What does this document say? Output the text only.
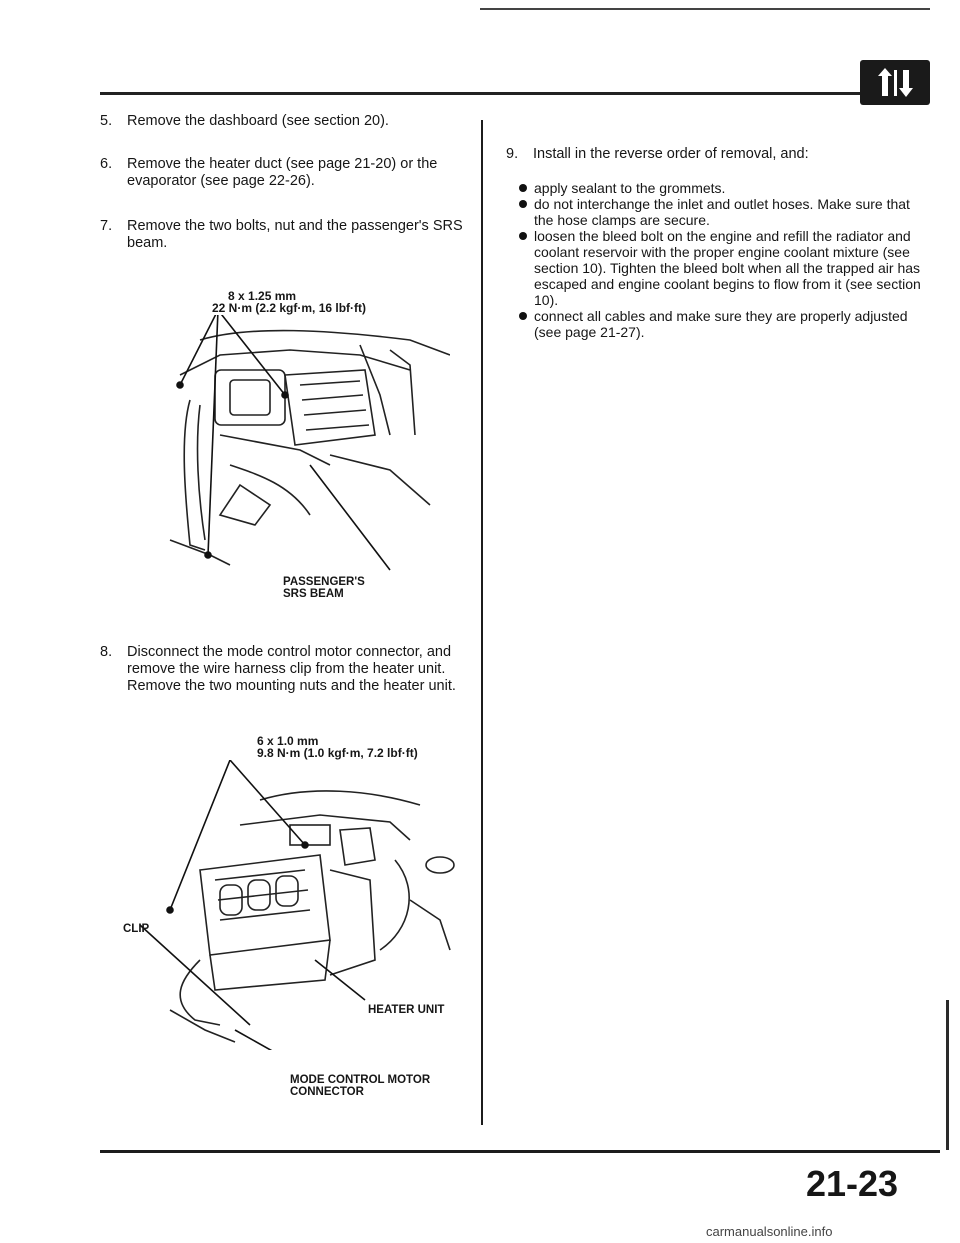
5. Remove the dashboard (see section 20).
6. Remove the heater duct (see page 21-20) or the evaporator (see page 22-26).
7. Remove the two bolts, nut and the passenger's SRS beam.
8 x 1.25 mm
22 N·m (2.2 kgf·m, 16 lbf·ft)
PASSENGER'S
SRS BEAM
8. Disconnect the mode control motor connector, and remove the wire harness clip from the heater unit. Remove the two mounting nuts and the heater unit.
6 x 1.0 mm
9.8 N·m (1.0 kgf·m, 7.2 lbf·ft)
CLIP
HEATER UNIT
MODE CONTROL MOTOR
CONNECTOR
9. Install in the reverse order of removal, and:
apply sealant to the grommets.
do not interchange the inlet and outlet hoses. Make sure that the hose clamps are secure.
loosen the bleed bolt on the engine and refill the radiator and coolant reservoir with the proper engine coolant mixture (see section 10). Tighten the bleed bolt when all the trapped air has escaped and engine coolant begins to flow from it (see section 10).
connect all cables and make sure they are properly adjusted (see page 21-27).
21-23
carmanualsonline.info
